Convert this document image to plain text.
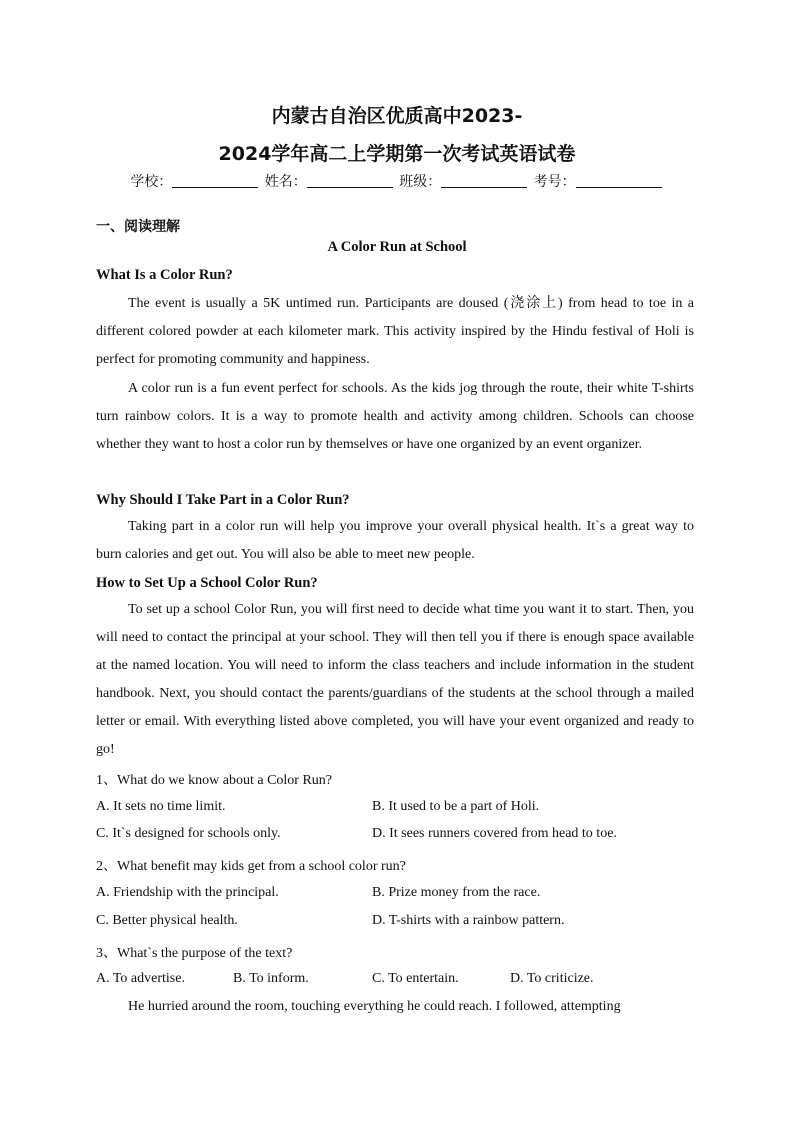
内蒙古自治区优质高中2023-
2024学年高二上学期第一次考试英语试卷
学校：	姓名：	班级：	考号：
一、阅读理解
A Color Run at School
What Is a Color Run?

The event is usually a 5K untimed run. Participants are doused (浇涂上) from head to toe in a different colored powder at each kilometer mark. This activity inspired by the Hindu festival of Holi is perfect for promoting community and happiness.

A color run is a fun event perfect for schools. As the kids jog through the route, their white T-shirts turn rainbow colors. It is a way to promote health and activity among children. Schools can choose whether they want to host a color run by themselves or have one organized by an event organizer.

Why Should I Take Part in a Color Run?

Taking part in a color run will help you improve your overall physical health. It`s a great way to burn calories and get out. You will also be able to meet new people.

How to Set Up a School Color Run?

To set up a school Color Run, you will first need to decide what time you want it to start. Then, you will need to contact the principal at your school. They will then tell you if there is enough space available at the named location. You will need to inform the class teachers and include information in the student handbook. Next, you should contact the parents/guardians of the students at the school through a mailed letter or email. With everything listed above completed, you will have your event organized and ready to go!

1、What do we know about a Color Run?
A. It sets no time limit.	B. It used to be a part of Holi.
C. It`s designed for schools only.	D. It sees runners covered from head to toe.
2、What benefit may kids get from a school color run?
A. Friendship with the principal.	B. Prize money from the race.
C. Better physical health.	D. T-shirts with a rainbow pattern.
3、What`s the purpose of the text?
A. To advertise.	B. To inform.	C. To entertain.	D. To criticize.

He hurried around the room, touching everything he could reach. I followed, attempting
